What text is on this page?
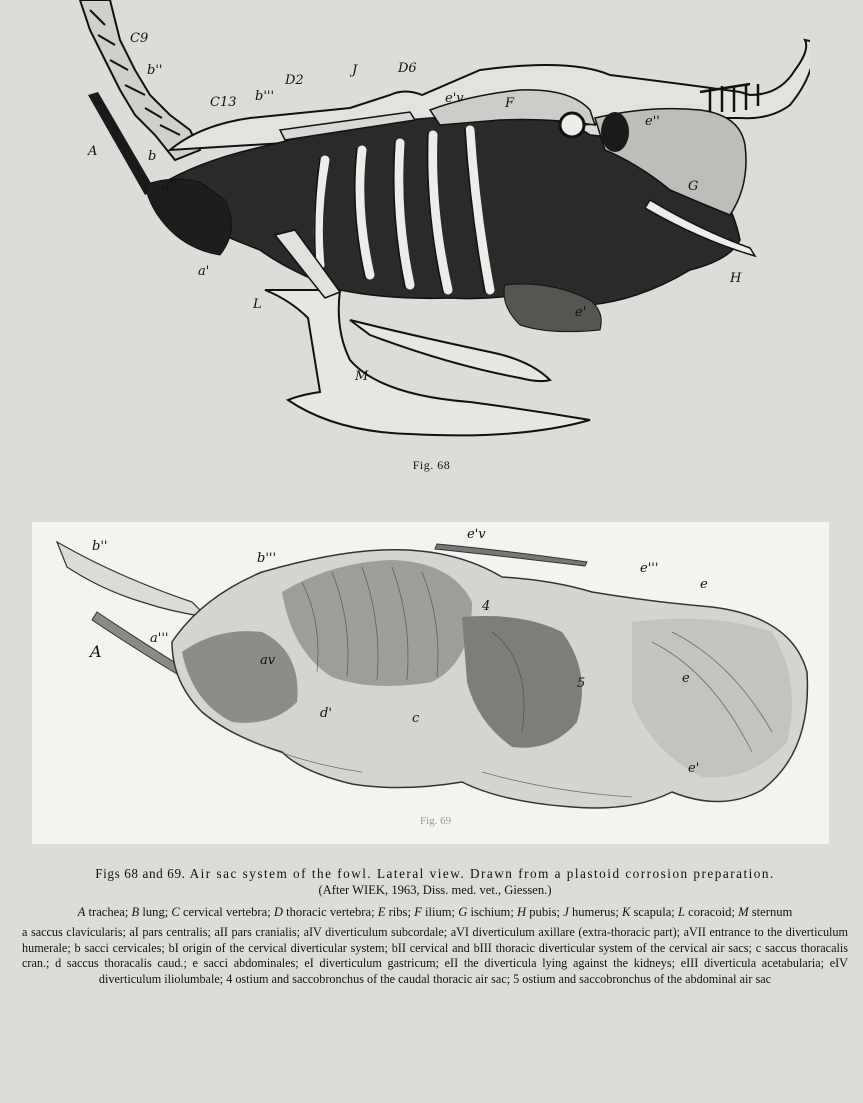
C9
b''
A
C13 b'''
D2
J	D6
e'v	F
e''
b
a''	G
a'
L
H
e'
M
Fig. 68
Fig. 69
b''
b'''
e'v
e'''
a'''
A	av
d'	c
e
e
e'
4
5
Figs 68 and 69. Air sac system of the fowl. Lateral view. Drawn from a plastoid corrosion preparation.
(After WIEK, 1963, Diss. med. vet., Giessen.)
A trachea; B lung; C cervical vertebra; D thoracic vertebra; E ribs; F ilium; G ischium; H pubis; J humerus; K scapula; L coracoid; M sternum
a saccus clavicularis; aI pars centralis; aII pars cranialis; aIV diverticulum subcordale; aVI diverticulum axillare (extra-thoracic part); aVII entrance to the diverticulum humerale; b sacci cervicales; bI origin of the cervical diverticular system; bII cervical and bIII thoracic diverticular system of the cervical air sacs; c saccus thoracalis cran.; d saccus thoracalis caud.; e sacci abdominales; eI diverticulum gastricum; eII the diverticula lying against the kidneys; eIII diverticula acetabularia; eIV diverticulum iliolumbale; 4 ostium and saccobronchus of the caudal thoracic air sac; 5 ostium and saccobronchus of the abdominal air sac
